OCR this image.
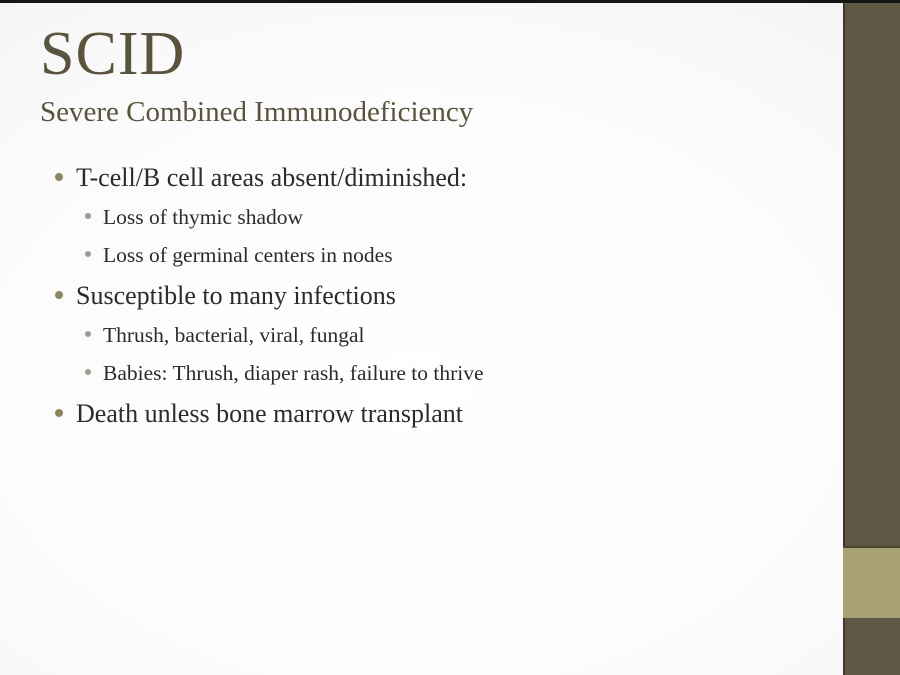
SCID
Severe Combined Immunodeficiency
T-cell/B cell areas absent/diminished:
Loss of thymic shadow
Loss of germinal centers in nodes
Susceptible to many infections
Thrush, bacterial, viral, fungal
Babies: Thrush, diaper rash, failure to thrive
Death unless bone marrow transplant
